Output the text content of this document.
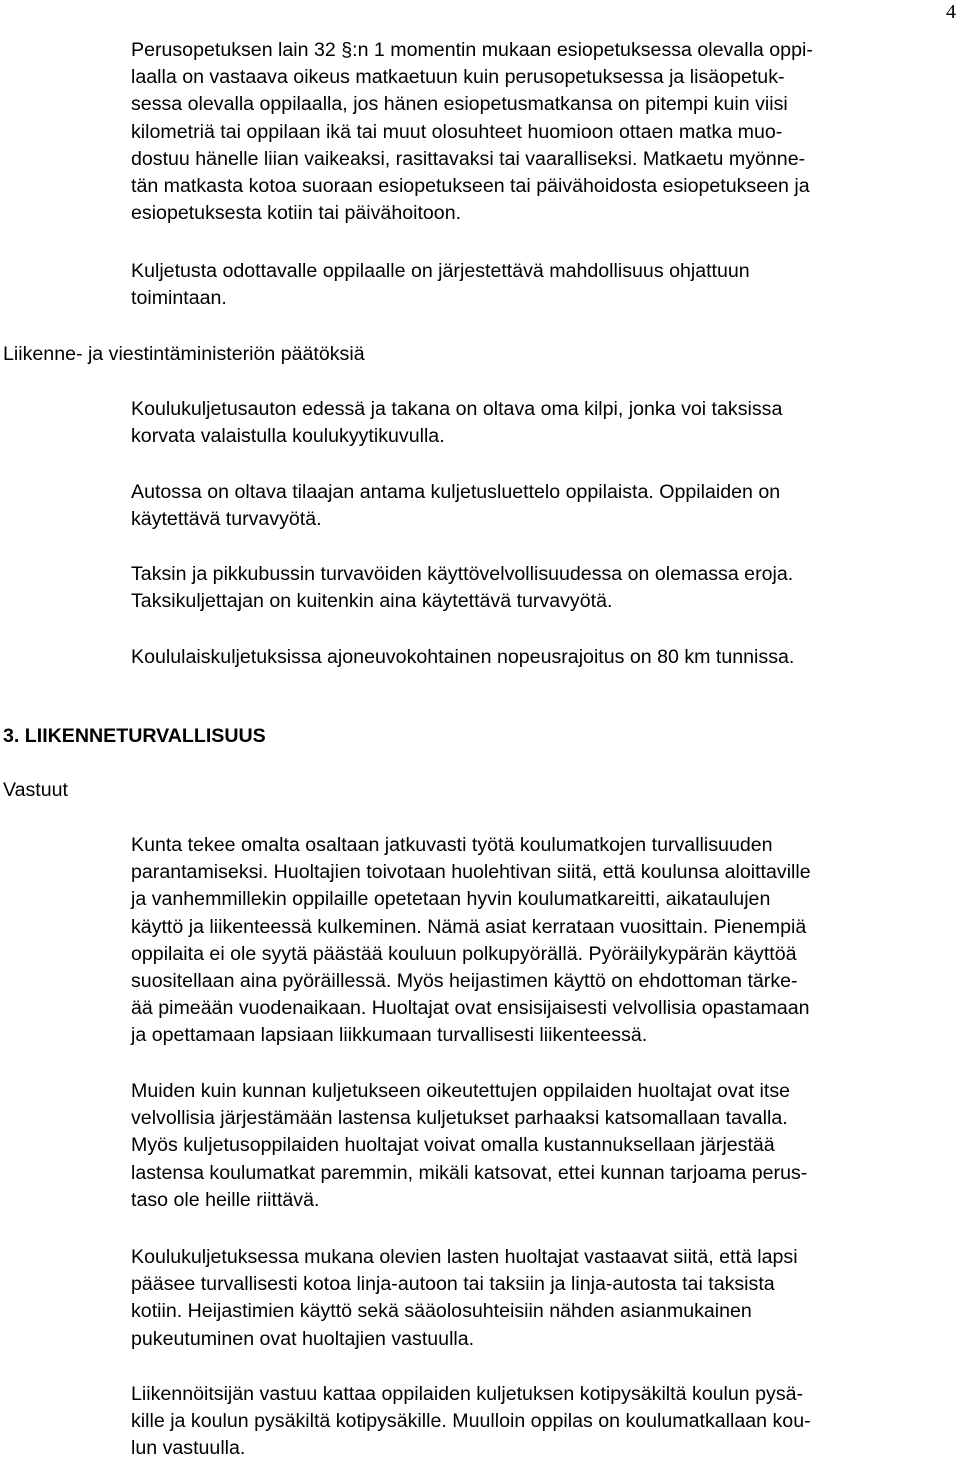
4

Perusopetuksen lain 32 §:n 1 momentin mukaan esiopetuksessa olevalla oppi-
laalla on vastaava oikeus matkaetuun kuin perusopetuksessa ja lisäopetuk-
sessa olevalla oppilaalla, jos hänen esiopetusmatkansa on pitempi kuin viisi
kilometriä tai oppilaan ikä tai muut olosuhteet huomioon ottaen matka muo-
dostuu hänelle liian vaikeaksi, rasittavaksi tai vaaralliseksi. Matkaetu myönne-
tän matkasta kotoa suoraan esiopetukseen tai päivähoidosta esiopetukseen ja
esiopetuksesta kotiin tai päivähoitoon.

Kuljetusta odottavalle oppilaalle on järjestettävä mahdollisuus ohjattuun
toimintaan.

Liikenne- ja viestintäministeriön päätöksiä

Koulukuljetusauton edessä ja takana on oltava oma kilpi, jonka voi taksissa
korvata valaistulla koulukyytikuvulla.

Autossa on oltava tilaajan antama kuljetusluettelo oppilaista. Oppilaiden on
käytettävä turvavyötä.

Taksin ja pikkubussin turvavöiden käyttövelvollisuudessa on olemassa eroja.
Taksikuljettajan on kuitenkin aina käytettävä turvavyötä.

Koululaiskuljetuksissa ajoneuvokohtainen nopeusrajoitus on 80 km tunnissa.

3. LIIKENNETURVALLISUUS

Vastuut

Kunta tekee omalta osaltaan jatkuvasti työtä koulumatkojen turvallisuuden
parantamiseksi. Huoltajien toivotaan huolehtivan siitä, että koulunsa aloittaville
ja vanhemmillekin oppilaille opetetaan hyvin koulumatkareitti, aikataulujen
käyttö ja liikenteessä kulkeminen. Nämä asiat kerrataan vuosittain. Pienempiä
oppilaita ei ole syytä päästää kouluun polkupyörällä. Pyöräilykypärän käyttöä
suositellaan aina pyöräillessä. Myös heijastimen käyttö on ehdottoman tärke-
ää pimeään vuodenaikaan. Huoltajat ovat ensisijaisesti velvollisia opastamaan
ja opettamaan lapsiaan liikkumaan turvallisesti liikenteessä.

Muiden kuin kunnan kuljetukseen oikeutettujen oppilaiden huoltajat ovat itse
velvollisia järjestämään lastensa kuljetukset parhaaksi katsomallaan tavalla.
Myös kuljetusoppilaiden huoltajat voivat omalla kustannuksellaan järjestää
lastensa koulumatkat paremmin, mikäli katsovat, ettei kunnan tarjoama perus-
taso ole heille riittävä.

Koulukuljetuksessa mukana olevien lasten huoltajat vastaavat siitä, että lapsi
pääsee turvallisesti kotoa linja-autoon tai taksiin ja linja-autosta tai taksista
kotiin. Heijastimien käyttö sekä sääolosuhteisiin nähden asianmukainen
pukeutuminen ovat huoltajien vastuulla.

Liikennöitsijän vastuu kattaa oppilaiden kuljetuksen kotipysäkiltä koulun pysä-
kille ja koulun pysäkiltä kotipysäkille. Muulloin oppilas on koulumatkallaan kou-
lun vastuulla.
